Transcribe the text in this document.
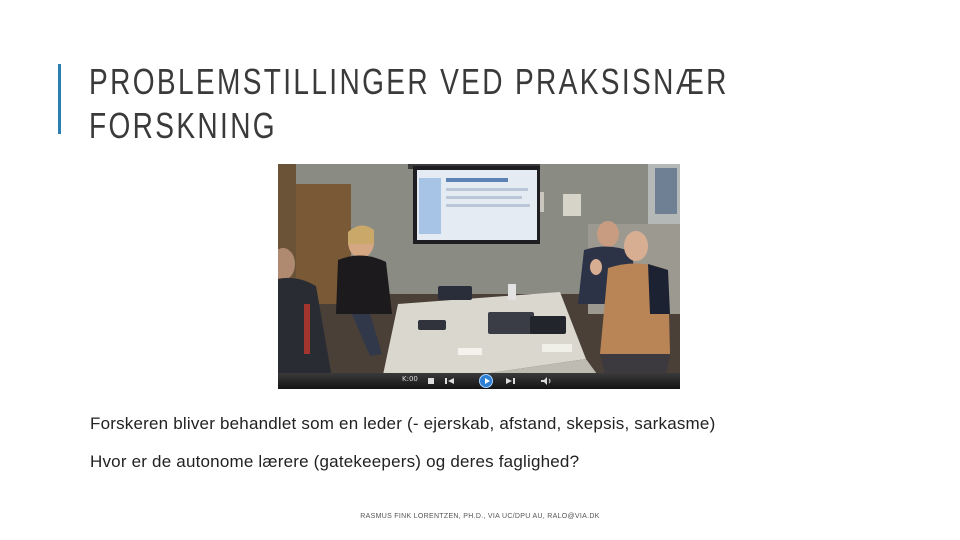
PROBLEMSTILLINGER VED PRAKSISNÆR
FORSKNING
K:00
Forskeren bliver behandlet som en leder (- ejerskab, afstand, skepsis, sarkasme)
Hvor er de autonome lærere (gatekeepers) og deres faglighed?
RASMUS FINK LORENTZEN, PH.D., VIA UC/DPU AU, RALO@VIA.DK
